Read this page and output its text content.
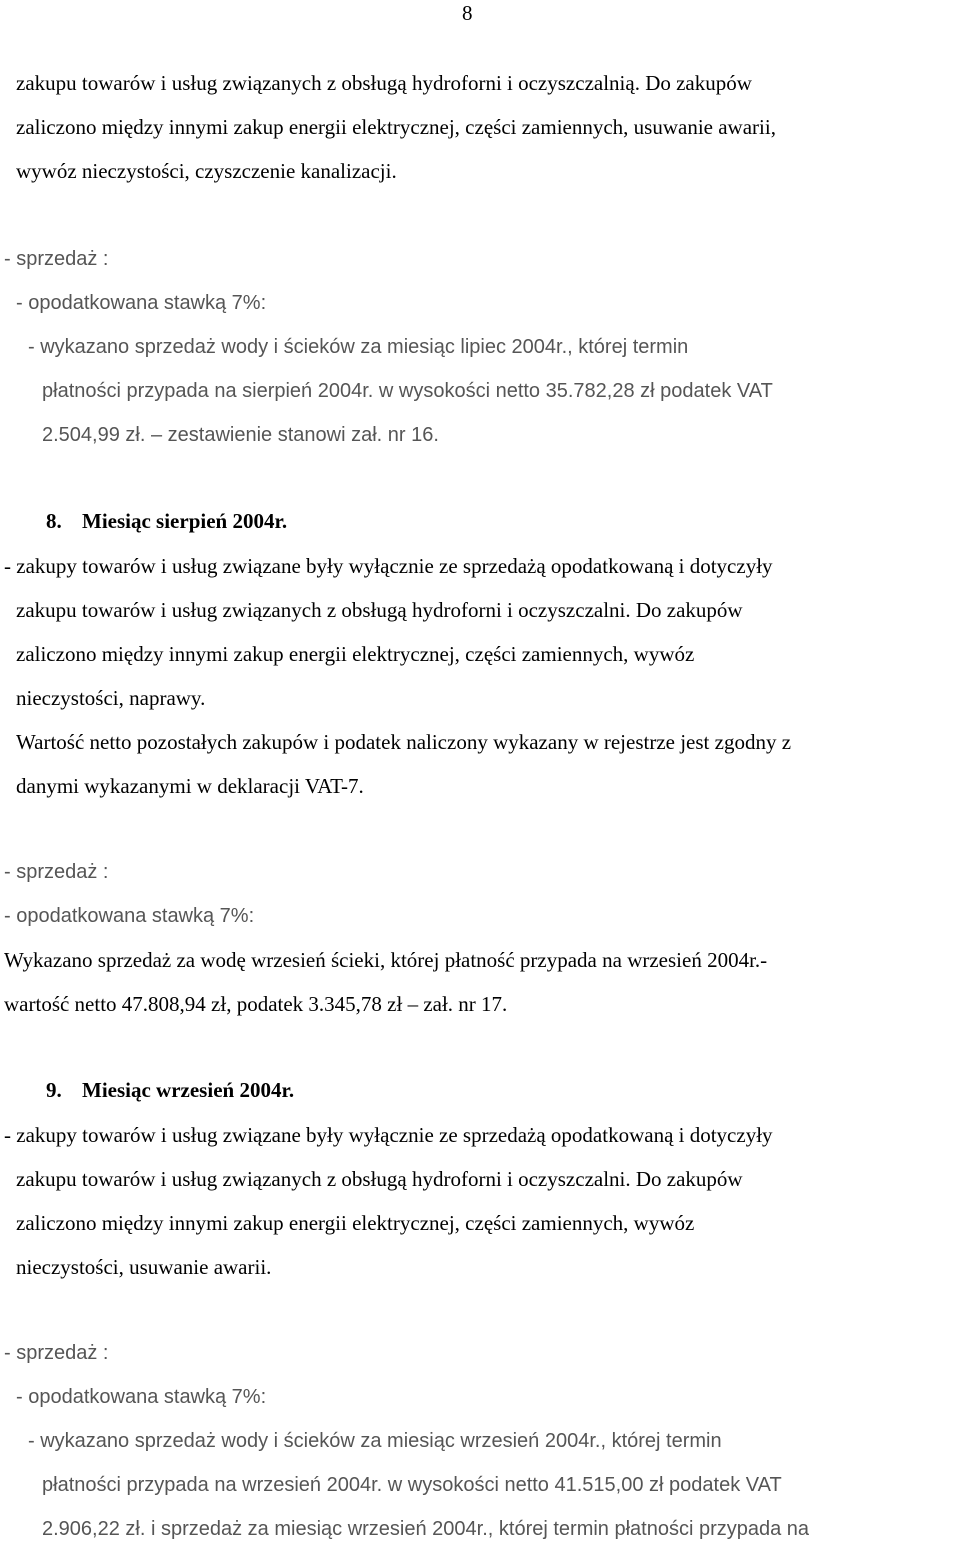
8
zakupu towarów i usług związanych z obsługą hydroforni i oczyszczalnią. Do zakupów
zaliczono między innymi zakup energii elektrycznej, części zamiennych, usuwanie awarii,
wywóz nieczystości, czyszczenie kanalizacji.
- sprzedaż :
- opodatkowana stawką 7%:
- wykazano sprzedaż wody i ścieków za miesiąc lipiec 2004r., której termin
płatności przypada na sierpień 2004r. w wysokości netto 35.782,28 zł podatek VAT
2.504,99 zł. – zestawienie stanowi zał. nr 16.
8. Miesiąc sierpień 2004r.
- zakupy towarów i usług związane były wyłącznie ze sprzedażą opodatkowaną i dotyczyły
zakupu towarów i usług związanych z obsługą hydroforni i oczyszczalni. Do zakupów
zaliczono między innymi zakup energii elektrycznej, części zamiennych, wywóz
nieczystości, naprawy.
Wartość netto pozostałych zakupów i podatek naliczony wykazany w rejestrze jest zgodny z
danymi wykazanymi w deklaracji VAT-7.
- sprzedaż :
- opodatkowana stawką 7%:
Wykazano sprzedaż za wodę wrzesień ścieki, której płatność przypada na wrzesień 2004r.-
wartość netto 47.808,94 zł, podatek 3.345,78 zł – zał. nr 17.
9. Miesiąc wrzesień 2004r.
- zakupy towarów i usług związane były wyłącznie ze sprzedażą opodatkowaną i dotyczyły
zakupu towarów i usług związanych z obsługą hydroforni i oczyszczalni. Do zakupów
zaliczono między innymi zakup energii elektrycznej, części zamiennych, wywóz
nieczystości, usuwanie awarii.
- sprzedaż :
- opodatkowana stawką 7%:
- wykazano sprzedaż wody i ścieków za miesiąc wrzesień 2004r., której termin
płatności przypada na wrzesień 2004r. w wysokości netto 41.515,00 zł podatek VAT
2.906,22 zł. i sprzedaż za miesiąc wrzesień 2004r., której termin płatności przypada na
